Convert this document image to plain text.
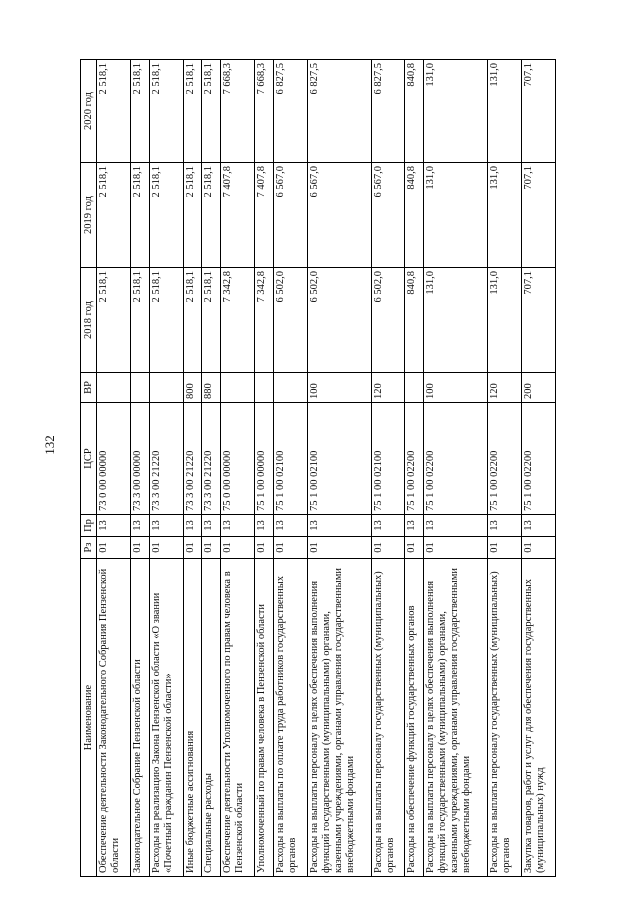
132
Наименование	Рз	Пр	ЦСР	ВР	2018 год	2019 год	2020 год
Обеспечение деятельности Законодательного Собрания Пензенской области	01	13	73 0 00 00000		2 518,1	2 518,1	2 518,1
Законодательное Собрание Пензенской области	01	13	73 3 00 00000		2 518,1	2 518,1	2 518,1
Расходы на реализацию Закона Пензенской области «О звании «Почетный гражданин Пензенской области»	01	13	73 3 00 21220		2 518,1	2 518,1	2 518,1
Иные бюджетные ассигнования	01	13	73 3 00 21220	800	2 518,1	2 518,1	2 518,1
Специальные расходы	01	13	73 3 00 21220	880	2 518,1	2 518,1	2 518,1
Обеспечение деятельности Уполномоченного по правам человека в Пензенской области	01	13	75 0 00 00000		7 342,8	7 407,8	7 668,3
Уполномоченный по правам человека в Пензенской области	01	13	75 1 00 00000		7 342,8	7 407,8	7 668,3
Расходы на выплаты по оплате труда работников государственных органов	01	13	75 1 00 02100		6 502,0	6 567,0	6 827,5
Расходы на выплаты персоналу в целях обеспечения выполнения функций государственными (муниципальными) органами, казенными учреждениями, органами управления государственными внебюджетными фондами	01	13	75 1 00 02100	100	6 502,0	6 567,0	6 827,5
Расходы на выплаты персоналу государственных (муниципальных) органов	01	13	75 1 00 02100	120	6 502,0	6 567,0	6 827,5
Расходы на обеспечение функций государственных органов	01	13	75 1 00 02200		840,8	840,8	840,8
Расходы на выплаты персоналу в целях обеспечения выполнения функций государственными (муниципальными) органами, казенными учреждениями, органами управления государственными внебюджетными фондами	01	13	75 1 00 02200	100	131,0	131,0	131,0
Расходы на выплаты персоналу государственных (муниципальных) органов	01	13	75 1 00 02200	120	131,0	131,0	131,0
Закупка товаров, работ и услуг для обеспечения государственных (муниципальных) нужд	01	13	75 1 00 02200	200	707,1	707,1	707,1
